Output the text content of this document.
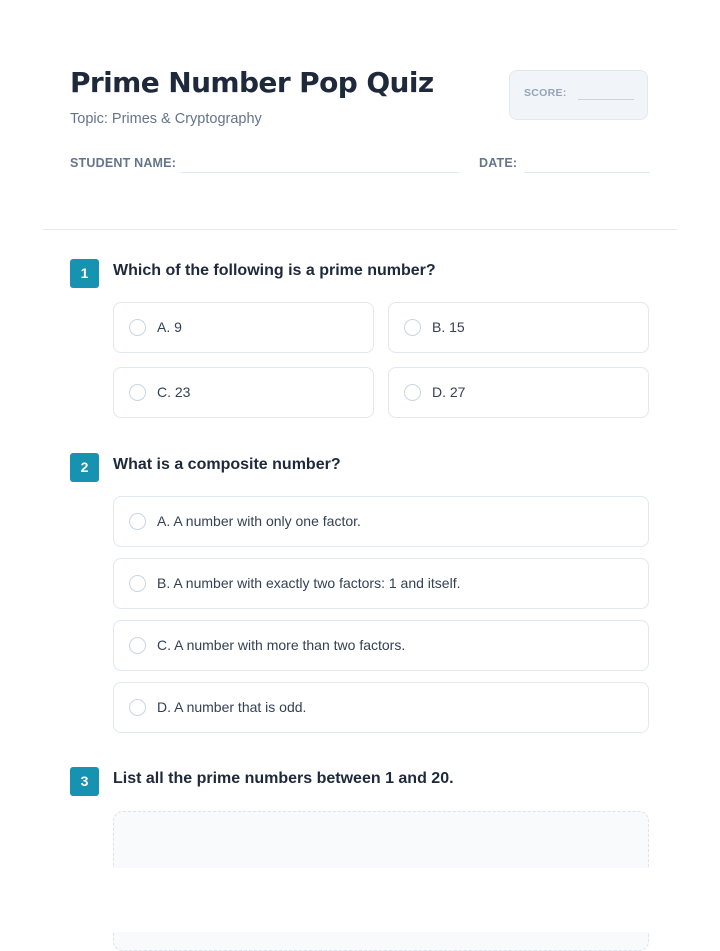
Prime Number Pop Quiz
Topic: Primes & Cryptography
SCORE:
STUDENT NAME:	DATE:
1	Which of the following is a prime number?
A. 9	B. 15
C. 23	D. 27
2	What is a composite number?
A. A number with only one factor.
B. A number with exactly two factors: 1 and itself.
C. A number with more than two factors.
D. A number that is odd.
3	List all the prime numbers between 1 and 20.
